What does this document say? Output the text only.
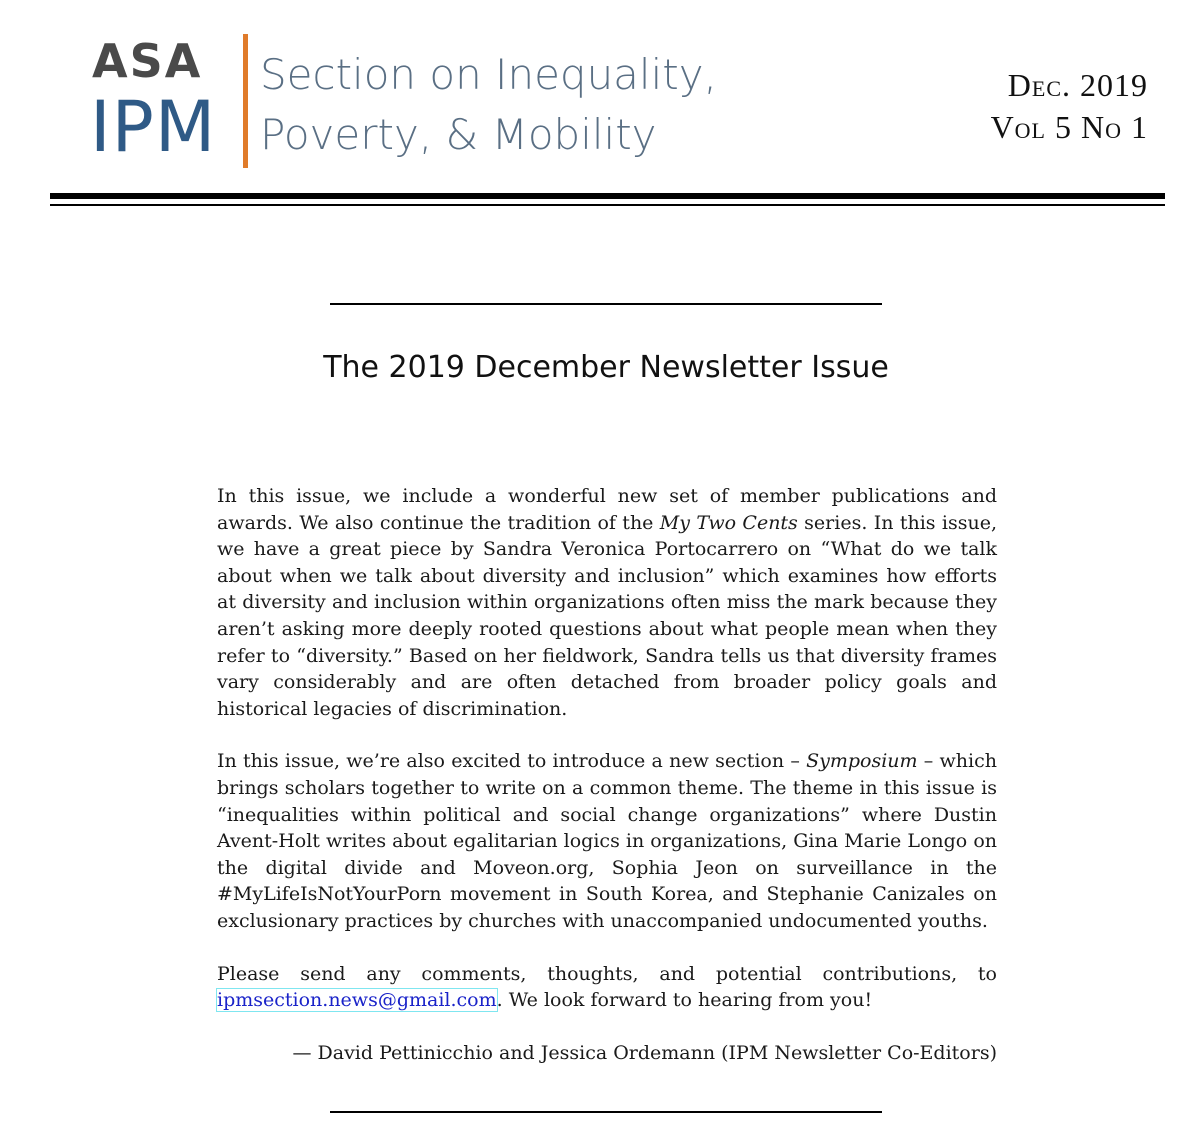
ASA
IPM
Section on Inequality,
Poverty, & Mobility
Dec. 2019
Vol 5 No 1
The 2019 December Newsletter Issue

In this issue, we include a wonderful new set of member publications and awards. We also continue the tradition of the My Two Cents series. In this issue, we have a great piece by Sandra Veronica Portocarrero on “What do we talk about when we talk about diversity and inclusion” which examines how efforts at diversity and inclusion within organizations often miss the mark because they aren’t asking more deeply rooted questions about what people mean when they refer to “diversity.” Based on her fieldwork, Sandra tells us that diversity frames vary considerably and are often detached from broader policy goals and historical legacies of discrimination.

In this issue, we’re also excited to introduce a new section – Symposium – which brings scholars together to write on a common theme. The theme in this issue is “inequalities within political and social change organizations” where Dustin Avent-Holt writes about egalitarian logics in organizations, Gina Marie Longo on the digital divide and Moveon.org, Sophia Jeon on surveillance in the #MyLifeIsNotYourPorn movement in South Korea, and Stephanie Canizales on exclusionary practices by churches with unaccompanied undocumented youths.

Please send any comments, thoughts, and potential contributions, to ipmsection.news@gmail.com. We look forward to hearing from you!

— David Pettinicchio and Jessica Ordemann (IPM Newsletter Co-Editors)
